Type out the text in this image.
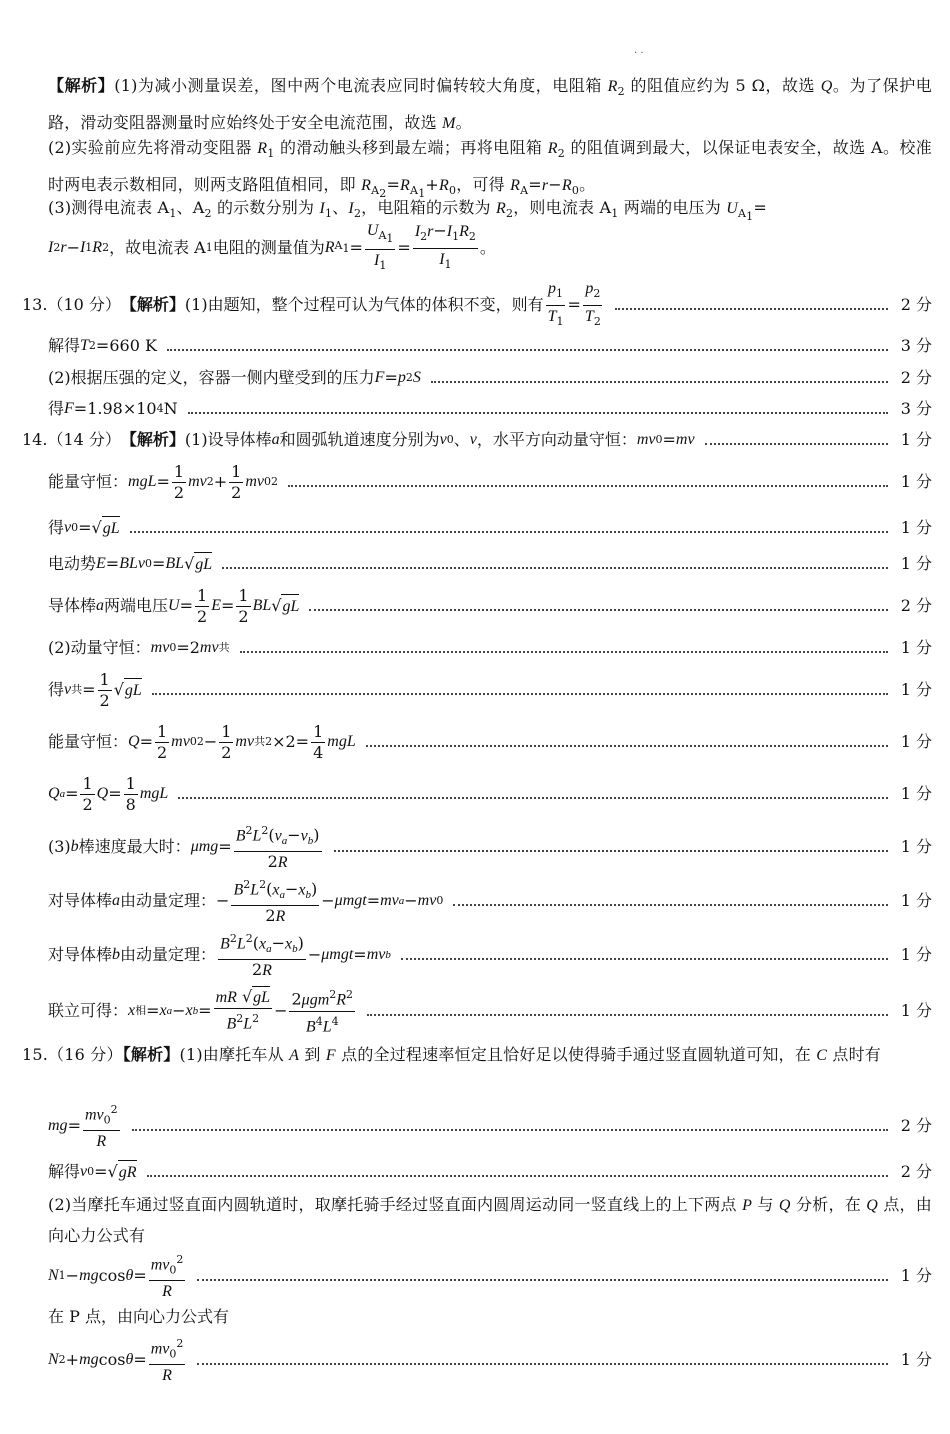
· ·
【解析】(1)为减小测量误差，图中两个电流表应同时偏转较大角度，电阻箱 $R_2$ 的阻值应约为 5 Ω，故选 Q。为了保护电路，滑动变阻器测量时应始终处于安全电流范围，故选 M。
(2)实验前应先将滑动变阻器 $R_1$ 的滑动触头移到最左端；再将电阻箱 $R_2$ 的阻值调到最大，以保证电表安全，故选 A。校准时两电表示数相同，则两支路阻值相同，即 $R_{A_2}=R_{A_1}+R_0$，可得 $R_A=r-R_0$。
(3)测得电流表 $A_1$、$A_2$ 的示数分别为 $I_1$、$I_2$，电阻箱的示数为 $R_2$，则电流表 $A_1$ 两端的电压为 $U_{A_1}=$
I 2 r − I 1 R 2 ，故电流表 A 1 电阻的测量值为 R $A_1 = \frac{U_{A_1}}{I_1} = \frac{I_2r-I_1R_2}{I_1}$ 。
13.（10 分） 【解析】 (1)由题知，整个过程可认为气体的体积不变，则有 $\frac{p_1}{T_1} = \frac{p_2}{T_2}$	2 分
解得 T 2 =660 K	3 分
(2)根据压强的定义，容器一侧内壁受到的压力 F = p 2 S	2 分
得 F =1.98×10 4 N	3 分
14.（14 分） 【解析】 (1)设导体棒 a 和圆弧轨道速度分别为 v 0 、 v ，水平方向动量守恒： mv 0 = mv	1 分
能量守恒： mgL = $\frac{1}{2}$ mv $2 + \frac{1}{2}$ mv 0 2	1 分
得 v 0 =√ gL	1 分
电动势 E = BLv 0 = BL √ gL	1 分
导体棒 a 两端电压 $U = \frac{1}{2}$ $E = \frac{1}{2}$ BL √ gL	2 分
(2)动量守恒： mv 0 =2 mv 共	1 分
得 v 共 = $\frac{1}{2}$ √ gL	1 分
能量守恒： $Q = \frac{1}{2}$ mv 0 $2 - \frac{1}{2}$ mv 共 $2 \times 2= \frac{1}{4}$ mgL	1 分
Q $a = \frac{1}{2}$ $Q = \frac{1}{8}$ mgL	1 分
(3) b 棒速度最大时： $\mu mg = \frac{B^2L^2(v_a-v_b)}{2R}$	1 分
对导体棒 a 由动量定理：− $\frac{B^2L^2(x_a-x_b)}{2R} - \mu mgt$ = mv a − mv 0	1 分
对导体棒 b 由动量定理： $\frac{B^2L^2(x_a-x_b)}{2R} - \mu mgt$ = mv b	1 分
联立可得： x 相 = x a − x $b = \frac{mR √gL}{B^2L^2} - \frac{2\mu gm^2R^2}{B^4L^4}$	1 分
15.（16 分）【解析】(1)由摩托车从 A 到 F 点的全过程速率恒定且恰好足以使得骑手通过竖直圆轨道可知，在 C 点时有
mg = $\frac{mv_0^2}{R}$	2 分
解得 v 0 =√ gR	2 分
(2)当摩托车通过竖直面内圆轨道时，取摩托骑手经过竖直面内圆周运动同一竖直线上的上下两点 P 与 Q 分析，在 Q 点，由向心力公式有
N 1 − mg $\cos \theta = \frac{mv_0^2}{R}$	1 分
在 P 点，由向心力公式有
N 2 + mg $\cos \theta = \frac{mv_0^2}{R}$	1 分
